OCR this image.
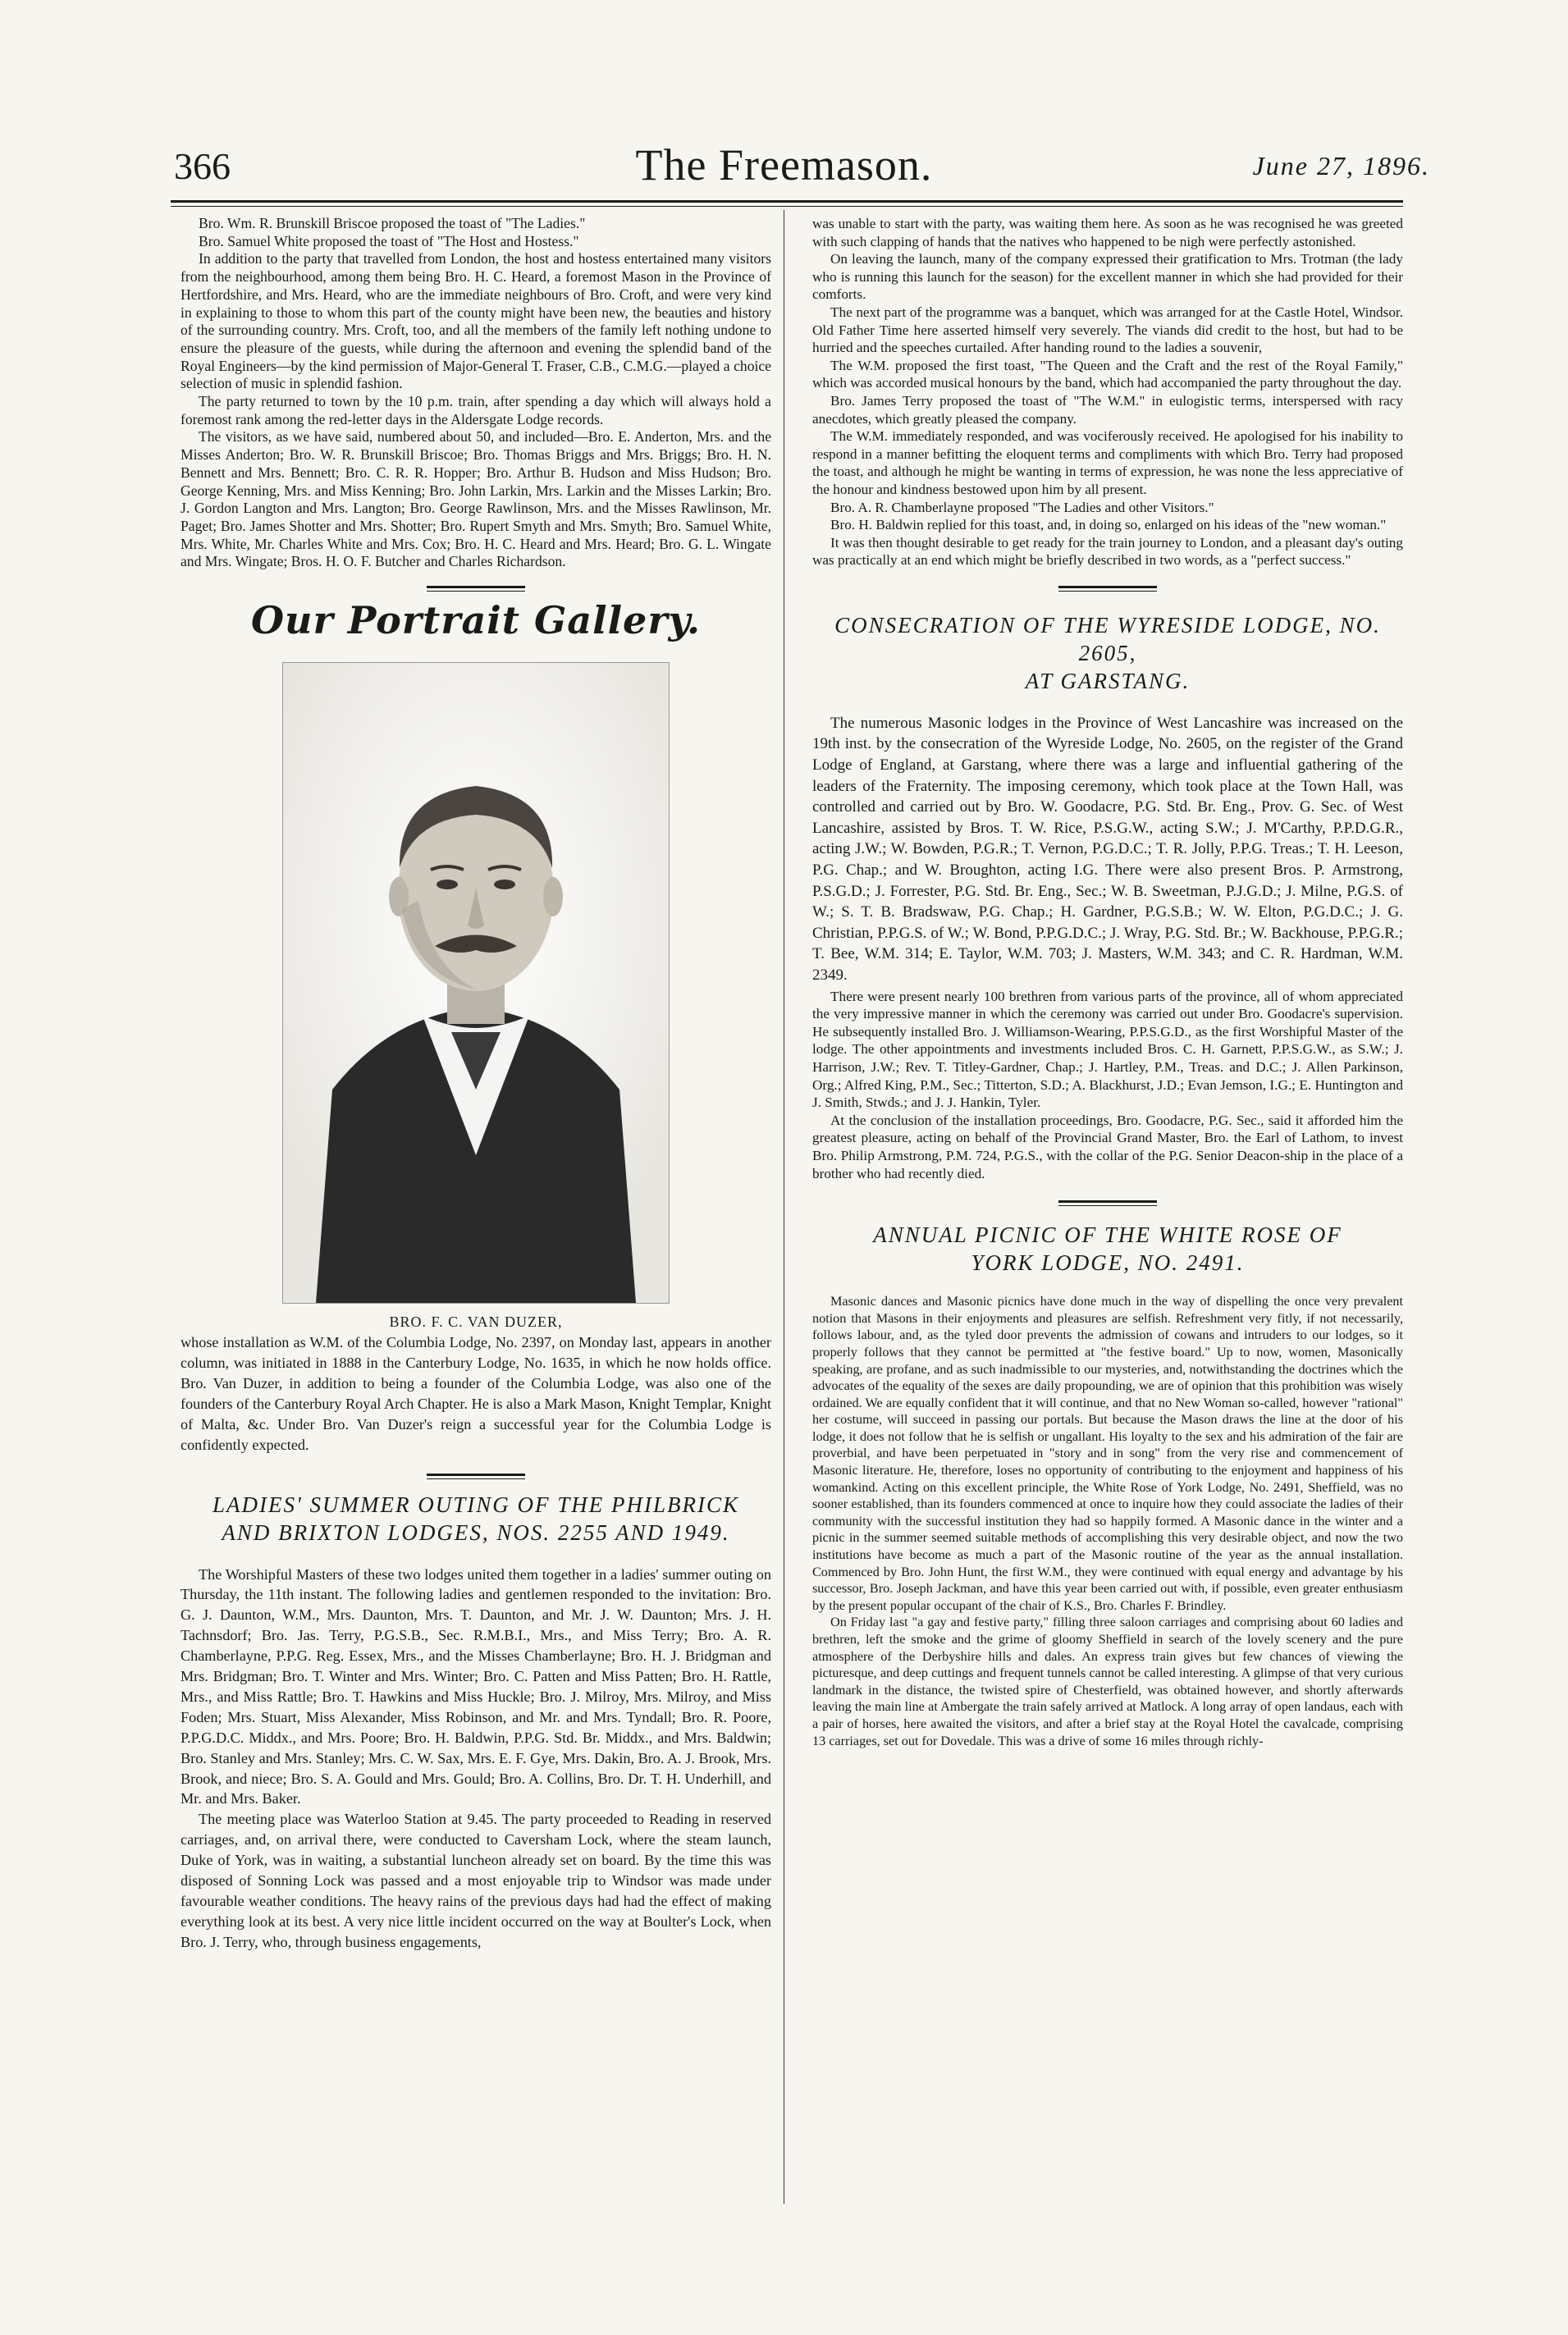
366	The Freemason.	June 27, 1896.

Bro. Wm. R. Brunskill Briscoe proposed the toast of "The Ladies."

Bro. Samuel White proposed the toast of "The Host and Hostess."

In addition to the party that travelled from London, the host and hostess entertained many visitors from the neighbourhood, among them being Bro. H. C. Heard, a foremost Mason in the Province of Hertfordshire, and Mrs. Heard, who are the immediate neighbours of Bro. Croft, and were very kind in explaining to those to whom this part of the county might have been new, the beauties and history of the surrounding country. Mrs. Croft, too, and all the members of the family left nothing undone to ensure the pleasure of the guests, while during the afternoon and evening the splendid band of the Royal Engineers—by the kind permission of Major-General T. Fraser, C.B., C.M.G.—played a choice selection of music in splendid fashion.

The party returned to town by the 10 p.m. train, after spending a day which will always hold a foremost rank among the red-letter days in the Aldersgate Lodge records.

The visitors, as we have said, numbered about 50, and included—Bro. E. Anderton, Mrs. and the Misses Anderton; Bro. W. R. Brunskill Briscoe; Bro. Thomas Briggs and Mrs. Briggs; Bro. H. N. Bennett and Mrs. Bennett; Bro. C. R. R. Hopper; Bro. Arthur B. Hudson and Miss Hudson; Bro. George Kenning, Mrs. and Miss Kenning; Bro. John Larkin, Mrs. Larkin and the Misses Larkin; Bro. J. Gordon Langton and Mrs. Langton; Bro. George Rawlinson, Mrs. and the Misses Rawlinson, Mr. Paget; Bro. James Shotter and Mrs. Shotter; Bro. Rupert Smyth and Mrs. Smyth; Bro. Samuel White, Mrs. White, Mr. Charles White and Mrs. Cox; Bro. H. C. Heard and Mrs. Heard; Bro. G. L. Wingate and Mrs. Wingate; Bros. H. O. F. Butcher and Charles Richardson.

Our Portrait Gallery.
BRO. F. C. VAN DUZER,

whose installation as W.M. of the Columbia Lodge, No. 2397, on Monday last, appears in another column, was initiated in 1888 in the Canterbury Lodge, No. 1635, in which he now holds office. Bro. Van Duzer, in addition to being a founder of the Columbia Lodge, was also one of the founders of the Canterbury Royal Arch Chapter. He is also a Mark Mason, Knight Templar, Knight of Malta, &c. Under Bro. Van Duzer's reign a successful year for the Columbia Lodge is confidently expected.

LADIES' SUMMER OUTING OF THE PHILBRICK
AND BRIXTON LODGES, NOS. 2255 AND 1949.

The Worshipful Masters of these two lodges united them together in a ladies' summer outing on Thursday, the 11th instant. The following ladies and gentlemen responded to the invitation: Bro. G. J. Daunton, W.M., Mrs. Daunton, Mrs. T. Daunton, and Mr. J. W. Daunton; Mrs. J. H. Tachnsdorf; Bro. Jas. Terry, P.G.S.B., Sec. R.M.B.I., Mrs., and Miss Terry; Bro. A. R. Chamberlayne, P.P.G. Reg. Essex, Mrs., and the Misses Chamberlayne; Bro. H. J. Bridgman and Mrs. Bridgman; Bro. T. Winter and Mrs. Winter; Bro. C. Patten and Miss Patten; Bro. H. Rattle, Mrs., and Miss Rattle; Bro. T. Hawkins and Miss Huckle; Bro. J. Milroy, Mrs. Milroy, and Miss Foden; Mrs. Stuart, Miss Alexander, Miss Robinson, and Mr. and Mrs. Tyndall; Bro. R. Poore, P.P.G.D.C. Middx., and Mrs. Poore; Bro. H. Baldwin, P.P.G. Std. Br. Middx., and Mrs. Baldwin; Bro. Stanley and Mrs. Stanley; Mrs. C. W. Sax, Mrs. E. F. Gye, Mrs. Dakin, Bro. A. J. Brook, Mrs. Brook, and niece; Bro. S. A. Gould and Mrs. Gould; Bro. A. Collins, Bro. Dr. T. H. Underhill, and Mr. and Mrs. Baker.

The meeting place was Waterloo Station at 9.45. The party proceeded to Reading in reserved carriages, and, on arrival there, were conducted to Caversham Lock, where the steam launch, Duke of York, was in waiting, a substantial luncheon already set on board. By the time this was disposed of Sonning Lock was passed and a most enjoyable trip to Windsor was made under favourable weather conditions. The heavy rains of the previous days had had the effect of making everything look at its best. A very nice little incident occurred on the way at Boulter's Lock, when Bro. J. Terry, who, through business engagements,

was unable to start with the party, was waiting them here. As soon as he was recognised he was greeted with such clapping of hands that the natives who happened to be nigh were perfectly astonished.

On leaving the launch, many of the company expressed their gratification to Mrs. Trotman (the lady who is running this launch for the season) for the excellent manner in which she had provided for their comforts.

The next part of the programme was a banquet, which was arranged for at the Castle Hotel, Windsor. Old Father Time here asserted himself very severely. The viands did credit to the host, but had to be hurried and the speeches curtailed. After handing round to the ladies a souvenir,

The W.M. proposed the first toast, "The Queen and the Craft and the rest of the Royal Family," which was accorded musical honours by the band, which had accompanied the party throughout the day.

Bro. James Terry proposed the toast of "The W.M." in eulogistic terms, interspersed with racy anecdotes, which greatly pleased the company.

The W.M. immediately responded, and was vociferously received. He apologised for his inability to respond in a manner befitting the eloquent terms and compliments with which Bro. Terry had proposed the toast, and although he might be wanting in terms of expression, he was none the less appreciative of the honour and kindness bestowed upon him by all present.

Bro. A. R. Chamberlayne proposed "The Ladies and other Visitors."

Bro. H. Baldwin replied for this toast, and, in doing so, enlarged on his ideas of the "new woman."

It was then thought desirable to get ready for the train journey to London, and a pleasant day's outing was practically at an end which might be briefly described in two words, as a "perfect success."

CONSECRATION OF THE WYRESIDE LODGE, NO. 2605,
AT GARSTANG.

The numerous Masonic lodges in the Province of West Lancashire was increased on the 19th inst. by the consecration of the Wyreside Lodge, No. 2605, on the register of the Grand Lodge of England, at Garstang, where there was a large and influential gathering of the leaders of the Fraternity. The imposing ceremony, which took place at the Town Hall, was controlled and carried out by Bro. W. Goodacre, P.G. Std. Br. Eng., Prov. G. Sec. of West Lancashire, assisted by Bros. T. W. Rice, P.S.G.W., acting S.W.; J. M'Carthy, P.P.D.G.R., acting J.W.; W. Bowden, P.G.R.; T. Vernon, P.G.D.C.; T. R. Jolly, P.P.G. Treas.; T. H. Leeson, P.G. Chap.; and W. Broughton, acting I.G. There were also present Bros. P. Armstrong, P.S.G.D.; J. Forrester, P.G. Std. Br. Eng., Sec.; W. B. Sweetman, P.J.G.D.; J. Milne, P.G.S. of W.; S. T. B. Bradswaw, P.G. Chap.; H. Gardner, P.G.S.B.; W. W. Elton, P.G.D.C.; J. G. Christian, P.P.G.S. of W.; W. Bond, P.P.G.D.C.; J. Wray, P.G. Std. Br.; W. Backhouse, P.P.G.R.; T. Bee, W.M. 314; E. Taylor, W.M. 703; J. Masters, W.M. 343; and C. R. Hardman, W.M. 2349.

There were present nearly 100 brethren from various parts of the province, all of whom appreciated the very impressive manner in which the ceremony was carried out under Bro. Goodacre's supervision. He subsequently installed Bro. J. Williamson-Wearing, P.P.S.G.D., as the first Worshipful Master of the lodge. The other appointments and investments included Bros. C. H. Garnett, P.P.S.G.W., as S.W.; J. Harrison, J.W.; Rev. T. Titley-Gardner, Chap.; J. Hartley, P.M., Treas. and D.C.; J. Allen Parkinson, Org.; Alfred King, P.M., Sec.; Titterton, S.D.; A. Blackhurst, J.D.; Evan Jemson, I.G.; E. Huntington and J. Smith, Stwds.; and J. J. Hankin, Tyler.

At the conclusion of the installation proceedings, Bro. Goodacre, P.G. Sec., said it afforded him the greatest pleasure, acting on behalf of the Provincial Grand Master, Bro. the Earl of Lathom, to invest Bro. Philip Armstrong, P.M. 724, P.G.S., with the collar of the P.G. Senior Deacon-ship in the place of a brother who had recently died.

ANNUAL PICNIC OF THE WHITE ROSE OF
YORK LODGE, NO. 2491.

Masonic dances and Masonic picnics have done much in the way of dispelling the once very prevalent notion that Masons in their enjoyments and pleasures are selfish. Refreshment very fitly, if not necessarily, follows labour, and, as the tyled door prevents the admission of cowans and intruders to our lodges, so it properly follows that they cannot be permitted at "the festive board." Up to now, women, Masonically speaking, are profane, and as such inadmissible to our mysteries, and, notwithstanding the doctrines which the advocates of the equality of the sexes are daily propounding, we are of opinion that this prohibition was wisely ordained. We are equally confident that it will continue, and that no New Woman so-called, however "rational" her costume, will succeed in passing our portals. But because the Mason draws the line at the door of his lodge, it does not follow that he is selfish or ungallant. His loyalty to the sex and his admiration of the fair are proverbial, and have been perpetuated in "story and in song" from the very rise and commencement of Masonic literature. He, therefore, loses no opportunity of contributing to the enjoyment and happiness of his womankind. Acting on this excellent principle, the White Rose of York Lodge, No. 2491, Sheffield, was no sooner established, than its founders commenced at once to inquire how they could associate the ladies of their community with the successful institution they had so happily formed. A Masonic dance in the winter and a picnic in the summer seemed suitable methods of accomplishing this very desirable object, and now the two institutions have become as much a part of the Masonic routine of the year as the annual installation. Commenced by Bro. John Hunt, the first W.M., they were continued with equal energy and advantage by his successor, Bro. Joseph Jackman, and have this year been carried out with, if possible, even greater enthusiasm by the present popular occupant of the chair of K.S., Bro. Charles F. Brindley.

On Friday last "a gay and festive party," filling three saloon carriages and comprising about 60 ladies and brethren, left the smoke and the grime of gloomy Sheffield in search of the lovely scenery and the pure atmosphere of the Derbyshire hills and dales. An express train gives but few chances of viewing the picturesque, and deep cuttings and frequent tunnels cannot be called interesting. A glimpse of that very curious landmark in the distance, the twisted spire of Chesterfield, was obtained however, and shortly afterwards leaving the main line at Ambergate the train safely arrived at Matlock. A long array of open landaus, each with a pair of horses, here awaited the visitors, and after a brief stay at the Royal Hotel the cavalcade, comprising 13 carriages, set out for Dovedale. This was a drive of some 16 miles through richly-
